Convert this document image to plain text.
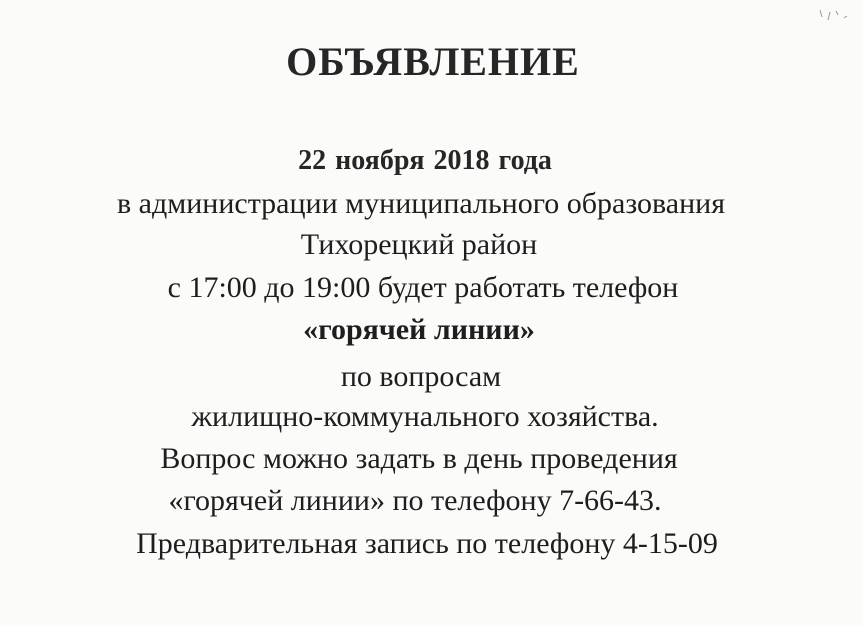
ОБЪЯВЛЕНИЕ
22 ноября 2018 года
в администрации муниципального образования
Тихорецкий район
с 17:00 до 19:00 будет работать телефон
«горячей линии»
по вопросам
жилищно-коммунального хозяйства.
Вопрос можно задать в день проведения
«горячей линии» по телефону 7-66-43.
Предварительная запись по телефону 4-15-09
